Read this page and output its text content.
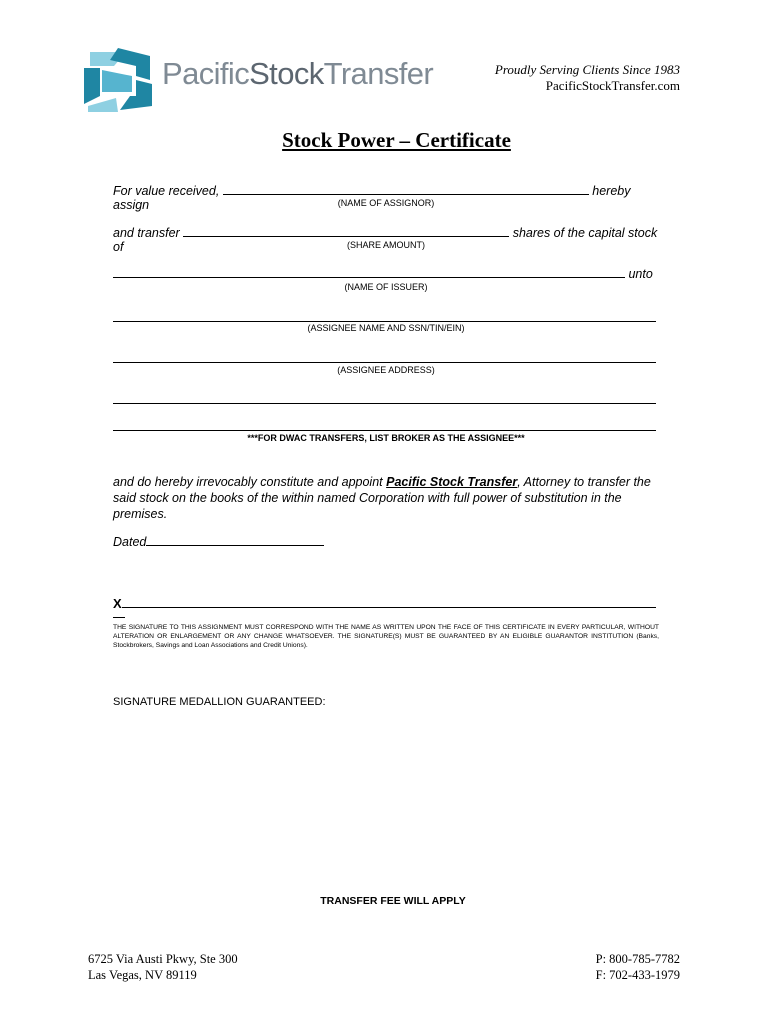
PacificStockTransfer	Proudly Serving Clients Since 1983
PacificStockTransfer.com
Stock Power – Certificate
For value received,	hereby assign	(NAME OF ASSIGNOR)
and transfer	shares of the capital stock of	(SHARE AMOUNT)
unto
(NAME OF ISSUER)
(ASSIGNEE NAME AND SSN/TIN/EIN)
(ASSIGNEE ADDRESS)
***FOR DWAC TRANSFERS, LIST BROKER AS THE ASSIGNEE***
and do hereby irrevocably constitute and appoint Pacific Stock Transfer, Attorney to transfer the said stock on the books of the within named Corporation with full power of substitution in the premises.
Dated
X
THE SIGNATURE TO THIS ASSIGNMENT MUST CORRESPOND WITH THE NAME AS WRITTEN UPON THE FACE OF THIS CERTIFICATE IN EVERY PARTICULAR, WITHOUT ALTERATION OR ENLARGEMENT OR ANY CHANGE WHATSOEVER. THE SIGNATURE(S) MUST BE GUARANTEED BY AN ELIGIBLE GUARANTOR INSTITUTION (Banks, Stockbrokers, Savings and Loan Associations and Credit Unions).
SIGNATURE MEDALLION GUARANTEED:
TRANSFER FEE WILL APPLY
6725 Via Austi Pkwy, Ste 300
Las Vegas, NV 89119
P: 800-785-7782
F: 702-433-1979
